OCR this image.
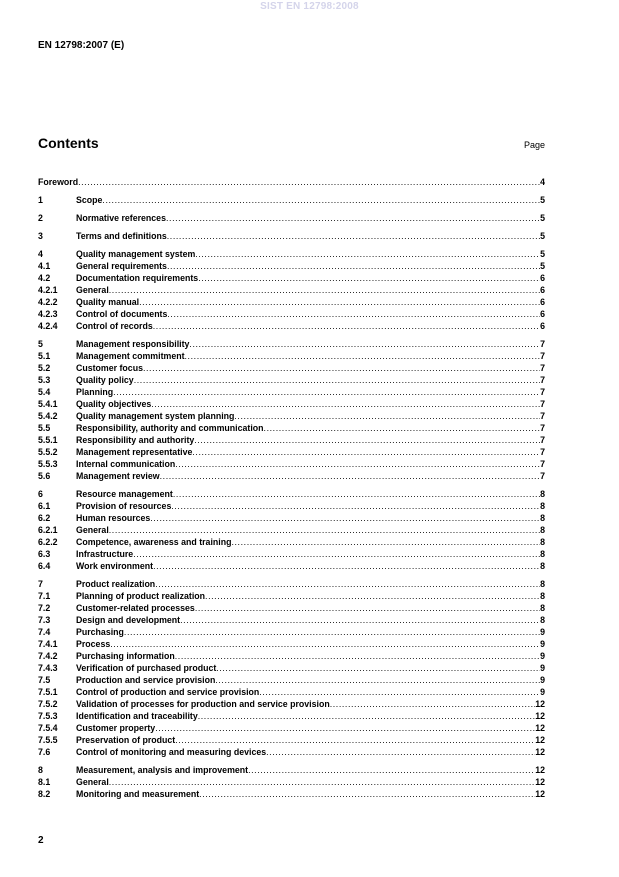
SIST EN 12798:2008
EN 12798:2007 (E)
Contents	Page
Foreword .....	4
1	Scope .....	5
2	Normative references .....	5
3	Terms and definitions .....	5
4	Quality management system .....	5
4.1	General requirements .....	5
4.2	Documentation requirements .....	6
4.2.1	General .....	6
4.2.2	Quality manual .....	6
4.2.3	Control of documents .....	6
4.2.4	Control of records .....	6
5	Management responsibility .....	7
5.1	Management commitment .....	7
5.2	Customer focus .....	7
5.3	Quality policy .....	7
5.4	Planning .....	7
5.4.1	Quality objectives .....	7
5.4.2	Quality management system planning .....	7
5.5	Responsibility, authority and communication .....	7
5.5.1	Responsibility and authority .....	7
5.5.2	Management representative .....	7
5.5.3	Internal communication .....	7
5.6	Management review .....	7
6	Resource management .....	8
6.1	Provision of resources .....	8
6.2	Human resources .....	8
6.2.1	General .....	8
6.2.2	Competence, awareness and training .....	8
6.3	Infrastructure .....	8
6.4	Work environment .....	8
7	Product realization .....	8
7.1	Planning of product realization .....	8
7.2	Customer-related processes .....	8
7.3	Design and development .....	8
7.4	Purchasing .....	9
7.4.1	Process .....	9
7.4.2	Purchasing information .....	9
7.4.3	Verification of purchased product .....	9
7.5	Production and service provision .....	9
7.5.1	Control of production and service provision .....	9
7.5.2	Validation of processes for production and service provision .....	12
7.5.3	Identification and traceability .....	12
7.5.4	Customer property .....	12
7.5.5	Preservation of product .....	12
7.6	Control of monitoring and measuring devices .....	12
8	Measurement, analysis and improvement .....	12
8.1	General .....	12
8.2	Monitoring and measurement .....	12
2
